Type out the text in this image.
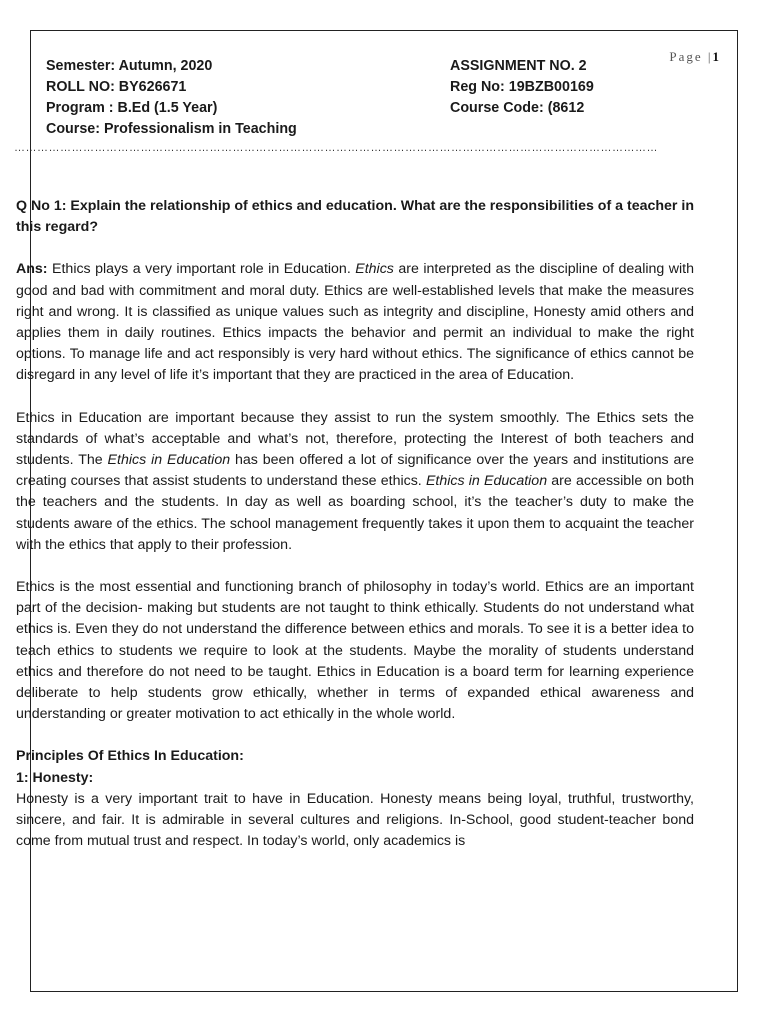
Page |1
Semester: Autumn, 2020	ASSIGNMENT NO. 2
ROLL NO: BY626671	Reg No: 19BZB00169
Program : B.Ed (1.5 Year)	Course Code: (8612
Course: Professionalism in Teaching
……………………………………………………………………………………………………………………………………………………

Q No 1: Explain the relationship of ethics and education. What are the responsibilities of a teacher in this regard?

Ans: Ethics plays a very important role in Education. Ethics are interpreted as the discipline of dealing with good and bad with commitment and moral duty. Ethics are well-established levels that make the measures right and wrong. It is classified as unique values such as integrity and discipline, Honesty amid others and applies them in daily routines. Ethics impacts the behavior and permit an individual to make the right options. To manage life and act responsibly is very hard without ethics. The significance of ethics cannot be disregard in any level of life it’s important that they are practiced in the area of Education.

Ethics in Education are important because they assist to run the system smoothly. The Ethics sets the standards of what’s acceptable and what’s not, therefore, protecting the Interest of both teachers and students. The Ethics in Education has been offered a lot of significance over the years and institutions are creating courses that assist students to understand these ethics. Ethics in Education are accessible on both the teachers and the students. In day as well as boarding school, it’s the teacher’s duty to make the students aware of the ethics. The school management frequently takes it upon them to acquaint the teacher with the ethics that apply to their profession.

Ethics is the most essential and functioning branch of philosophy in today’s world. Ethics are an important part of the decision- making but students are not taught to think ethically. Students do not understand what ethics is. Even they do not understand the difference between ethics and morals. To see it is a better idea to teach ethics to students we require to look at the students. Maybe the morality of students understand ethics and therefore do not need to be taught. Ethics in Education is a board term for learning experience deliberate to help students grow ethically, whether in terms of expanded ethical awareness and understanding or greater motivation to act ethically in the whole world.

Principles Of Ethics In Education:

1: Honesty:

Honesty is a very important trait to have in Education. Honesty means being loyal, truthful, trustworthy, sincere, and fair. It is admirable in several cultures and religions. In-School, good student-teacher bond come from mutual trust and respect. In today’s world, only academics is
